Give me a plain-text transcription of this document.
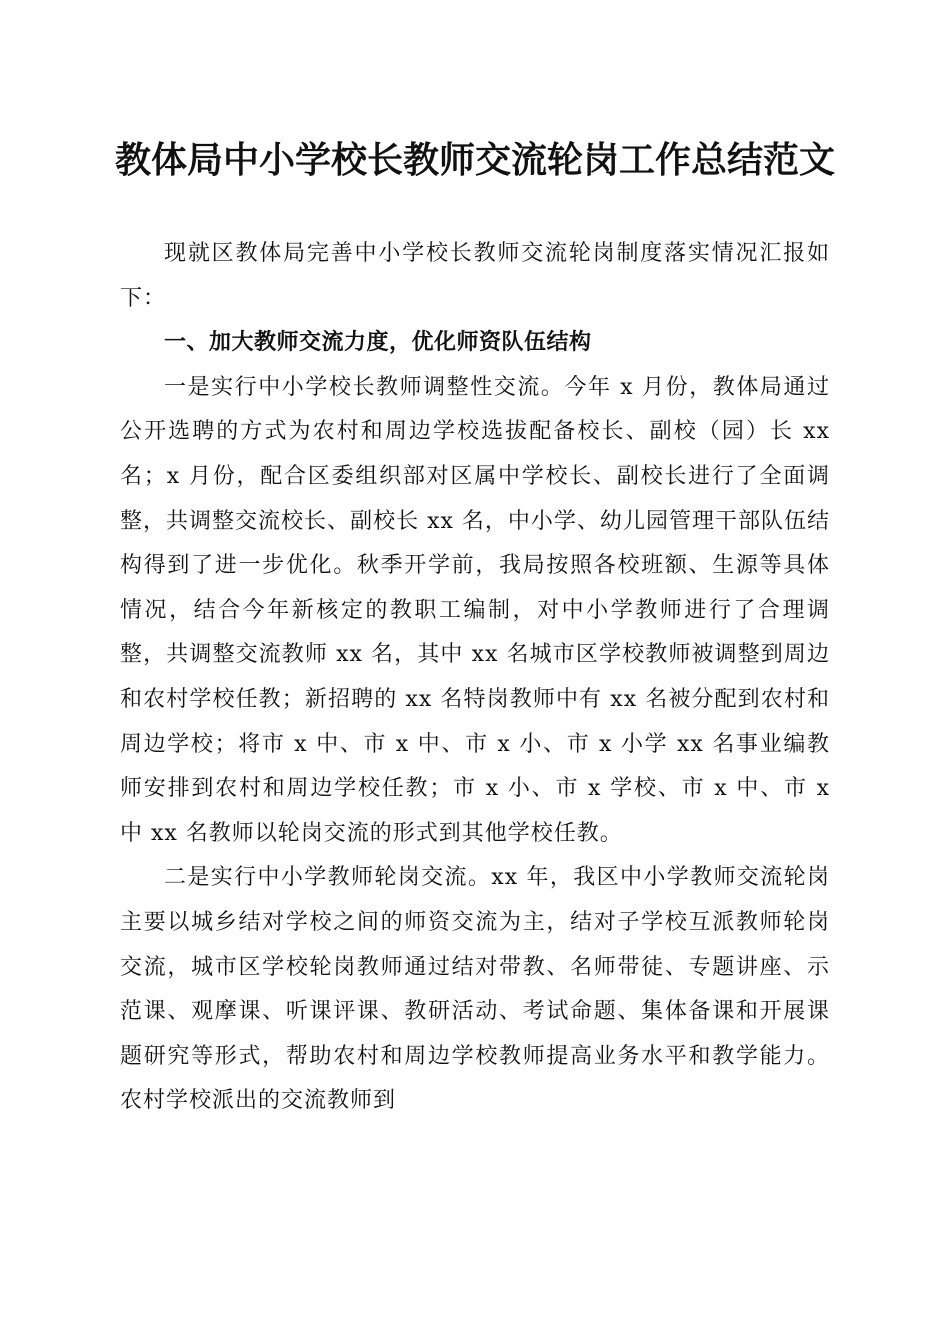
教体局中小学校长教师交流轮岗工作总结范文

现就区教体局完善中小学校长教师交流轮岗制度落实情况汇报如下：

一、加大教师交流力度，优化师资队伍结构

一是实行中小学校长教师调整性交流。今年 x 月份，教体局通过公开选聘的方式为农村和周边学校选拔配备校长、副校（园）长 xx 名；x 月份，配合区委组织部对区属中学校长、副校长进行了全面调整，共调整交流校长、副校长 xx 名，中小学、幼儿园管理干部队伍结构得到了进一步优化。秋季开学前，我局按照各校班额、生源等具体情况，结合今年新核定的教职工编制，对中小学教师进行了合理调整，共调整交流教师 xx 名，其中 xx 名城市区学校教师被调整到周边和农村学校任教；新招聘的 xx 名特岗教师中有 xx 名被分配到农村和周边学校；将市 x 中、市 x 中、市 x 小、市 x 小学 xx 名事业编教师安排到农村和周边学校任教；市 x 小、市 x 学校、市 x 中、市 x 中 xx 名教师以轮岗交流的形式到其他学校任教。

二是实行中小学教师轮岗交流。xx 年，我区中小学教师交流轮岗主要以城乡结对学校之间的师资交流为主，结对子学校互派教师轮岗交流，城市区学校轮岗教师通过结对带教、名师带徒、专题讲座、示范课、观摩课、听课评课、教研活动、考试命题、集体备课和开展课题研究等形式，帮助农村和周边学校教师提高业务水平和教学能力。农村学校派出的交流教师到
